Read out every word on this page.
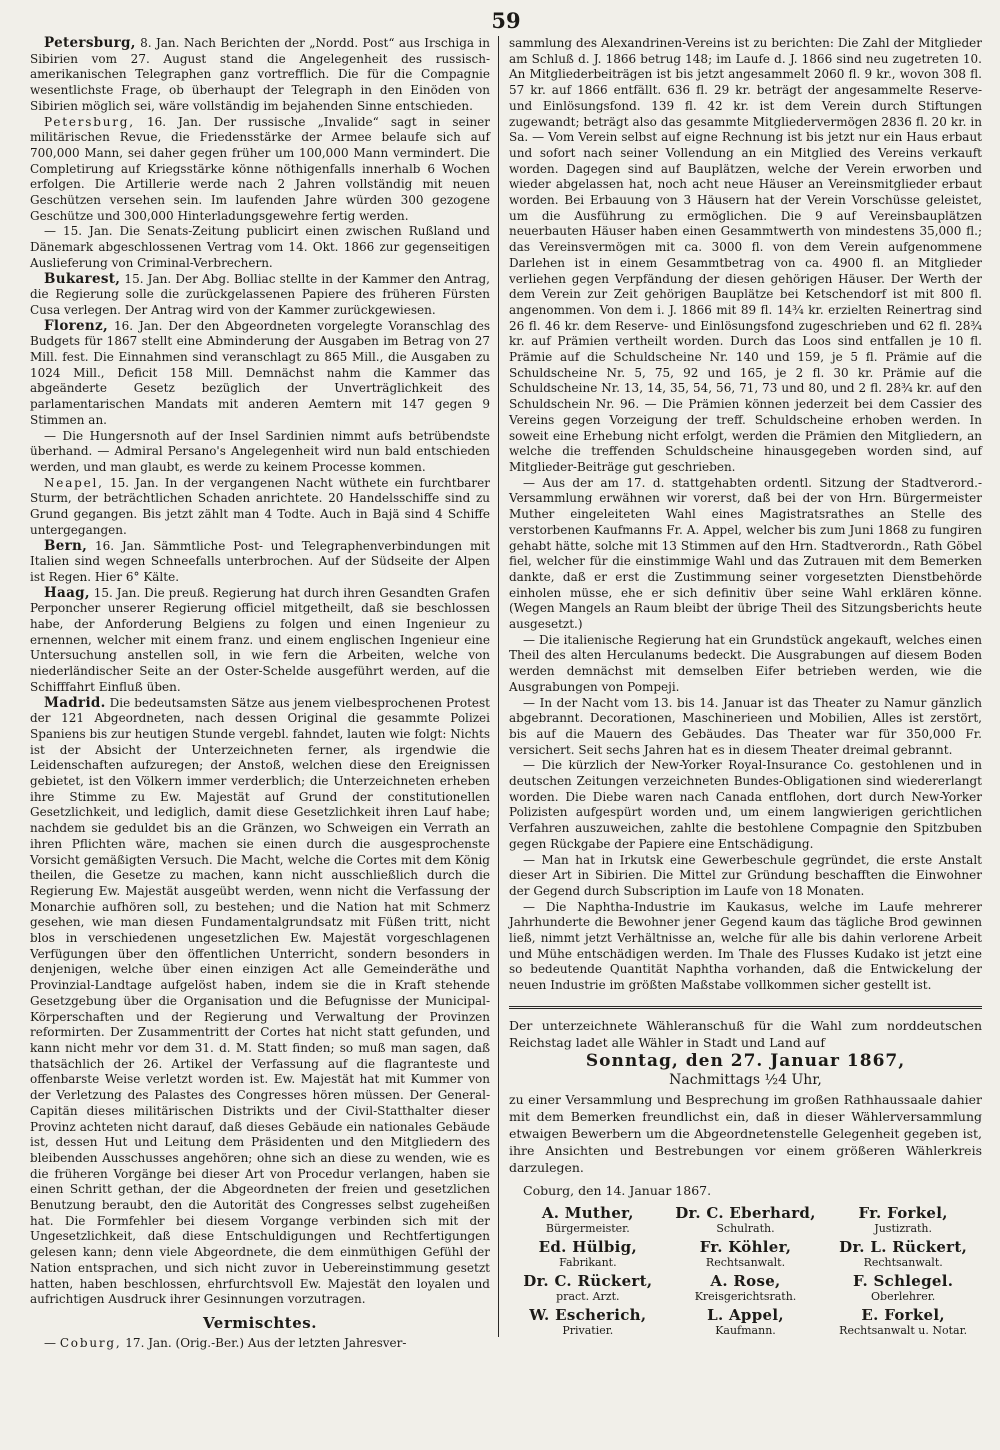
59

Petersburg, 8. Jan. Nach Berichten der „Nordd. Post“ aus Irschiga in Sibirien vom 27. August stand die Angelegenheit des russisch-amerikanischen Telegraphen ganz vortrefflich. Die für die Compagnie wesentlichste Frage, ob überhaupt der Telegraph in den Einöden von Sibirien möglich sei, wäre vollständig im bejahenden Sinne entschieden.

Petersburg, 16. Jan. Der russische „Invalide“ sagt in seiner militärischen Revue, die Friedensstärke der Armee belaufe sich auf 700,000 Mann, sei daher gegen früher um 100,000 Mann vermindert. Die Completirung auf Kriegsstärke könne nöthigenfalls innerhalb 6 Wochen erfolgen. Die Artillerie werde nach 2 Jahren vollständig mit neuen Geschützen versehen sein. Im laufenden Jahre würden 300 gezogene Geschütze und 300,000 Hinterladungsgewehre fertig werden.

— 15. Jan. Die Senats-Zeitung publicirt einen zwischen Rußland und Dänemark abgeschlossenen Vertrag vom 14. Okt. 1866 zur gegenseitigen Auslieferung von Criminal-Verbrechern.

Bukarest, 15. Jan. Der Abg. Bolliac stellte in der Kammer den Antrag, die Regierung solle die zurückgelassenen Papiere des früheren Fürsten Cusa verlegen. Der Antrag wird von der Kammer zurückgewiesen.

Florenz, 16. Jan. Der den Abgeordneten vorgelegte Voranschlag des Budgets für 1867 stellt eine Abminderung der Ausgaben im Betrag von 27 Mill. fest. Die Einnahmen sind veranschlagt zu 865 Mill., die Ausgaben zu 1024 Mill., Deficit 158 Mill. Demnächst nahm die Kammer das abgeänderte Gesetz bezüglich der Unverträglichkeit des parlamentarischen Mandats mit anderen Aemtern mit 147 gegen 9 Stimmen an.

— Die Hungersnoth auf der Insel Sardinien nimmt aufs betrübendste überhand. — Admiral Persano's Angelegenheit wird nun bald entschieden werden, und man glaubt, es werde zu keinem Processe kommen.

Neapel, 15. Jan. In der vergangenen Nacht wüthete ein furchtbarer Sturm, der beträchtlichen Schaden anrichtete. 20 Handelsschiffe sind zu Grund gegangen. Bis jetzt zählt man 4 Todte. Auch in Bajä sind 4 Schiffe untergegangen.

Bern, 16. Jan. Sämmtliche Post- und Telegraphenverbindungen mit Italien sind wegen Schneefalls unterbrochen. Auf der Südseite der Alpen ist Regen. Hier 6° Kälte.

Haag, 15. Jan. Die preuß. Regierung hat durch ihren Gesandten Grafen Perponcher unserer Regierung officiel mitgetheilt, daß sie beschlossen habe, der Anforderung Belgiens zu folgen und einen Ingenieur zu ernennen, welcher mit einem franz. und einem englischen Ingenieur eine Untersuchung anstellen soll, in wie fern die Arbeiten, welche von niederländischer Seite an der Oster-Schelde ausgeführt werden, auf die Schifffahrt Einfluß üben.

Madrid. Die bedeutsamsten Sätze aus jenem vielbesprochenen Protest der 121 Abgeordneten, nach dessen Original die gesammte Polizei Spaniens bis zur heutigen Stunde vergebl. fahndet, lauten wie folgt: Nichts ist der Absicht der Unterzeichneten ferner, als irgendwie die Leidenschaften aufzuregen; der Anstoß, welchen diese den Ereignissen gebietet, ist den Völkern immer verderblich; die Unterzeichneten erheben ihre Stimme zu Ew. Majestät auf Grund der constitutionellen Gesetzlichkeit, und lediglich, damit diese Gesetzlichkeit ihren Lauf habe; nachdem sie geduldet bis an die Gränzen, wo Schweigen ein Verrath an ihren Pflichten wäre, machen sie einen durch die ausgesprochenste Vorsicht gemäßigten Versuch. Die Macht, welche die Cortes mit dem König theilen, die Gesetze zu machen, kann nicht ausschließlich durch die Regierung Ew. Majestät ausgeübt werden, wenn nicht die Verfassung der Monarchie aufhören soll, zu bestehen; und die Nation hat mit Schmerz gesehen, wie man diesen Fundamentalgrundsatz mit Füßen tritt, nicht blos in verschiedenen ungesetzlichen Ew. Majestät vorgeschlagenen Verfügungen über den öffentlichen Unterricht, sondern besonders in denjenigen, welche über einen einzigen Act alle Gemeinderäthe und Provinzial-Landtage aufgelöst haben, indem sie die in Kraft stehende Gesetzgebung über die Organisation und die Befugnisse der Municipal-Körperschaften und der Regierung und Verwaltung der Provinzen reformirten. Der Zusammentritt der Cortes hat nicht statt gefunden, und kann nicht mehr vor dem 31. d. M. Statt finden; so muß man sagen, daß thatsächlich der 26. Artikel der Verfassung auf die flagranteste und offenbarste Weise verletzt worden ist. Ew. Majestät hat mit Kummer von der Verletzung des Palastes des Congresses hören müssen. Der General-Capitän dieses militärischen Distrikts und der Civil-Statthalter dieser Provinz achteten nicht darauf, daß dieses Gebäude ein nationales Gebäude ist, dessen Hut und Leitung dem Präsidenten und den Mitgliedern des bleibenden Ausschusses angehören; ohne sich an diese zu wenden, wie es die früheren Vorgänge bei dieser Art von Procedur verlangen, haben sie einen Schritt gethan, der die Abgeordneten der freien und gesetzlichen Benutzung beraubt, den die Autorität des Congresses selbst zugeheißen hat. Die Formfehler bei diesem Vorgange verbinden sich mit der Ungesetzlichkeit, daß diese Entschuldigungen und Rechtfertigungen gelesen kann; denn viele Abgeordnete, die dem einmüthigen Gefühl der Nation entsprachen, und sich nicht zuvor in Uebereinstimmung gesetzt hatten, haben beschlossen, ehrfurchtsvoll Ew. Majestät den loyalen und aufrichtigen Ausdruck ihrer Gesinnungen vorzutragen.

Vermischtes.

— Coburg, 17. Jan. (Orig.-Ber.) Aus der letzten Jahresver-

sammlung des Alexandrinen-Vereins ist zu berichten: Die Zahl der Mitglieder am Schluß d. J. 1866 betrug 148; im Laufe d. J. 1866 sind neu zugetreten 10. An Mitgliederbeiträgen ist bis jetzt angesammelt 2060 fl. 9 kr., wovon 308 fl. 57 kr. auf 1866 entfällt. 636 fl. 29 kr. beträgt der angesammelte Reserve- und Einlösungsfond. 139 fl. 42 kr. ist dem Verein durch Stiftungen zugewandt; beträgt also das gesammte Mitgliedervermögen 2836 fl. 20 kr. in Sa. — Vom Verein selbst auf eigne Rechnung ist bis jetzt nur ein Haus erbaut und sofort nach seiner Vollendung an ein Mitglied des Vereins verkauft worden. Dagegen sind auf Bauplätzen, welche der Verein erworben und wieder abgelassen hat, noch acht neue Häuser an Vereinsmitglieder erbaut worden. Bei Erbauung von 3 Häusern hat der Verein Vorschüsse geleistet, um die Ausführung zu ermöglichen. Die 9 auf Vereinsbauplätzen neuerbauten Häuser haben einen Gesammtwerth von mindestens 35,000 fl.; das Vereinsvermögen mit ca. 3000 fl. von dem Verein aufgenommene Darlehen ist in einem Gesammtbetrag von ca. 4900 fl. an Mitglieder verliehen gegen Verpfändung der diesen gehörigen Häuser. Der Werth der dem Verein zur Zeit gehörigen Bauplätze bei Ketschendorf ist mit 800 fl. angenommen. Von dem i. J. 1866 mit 89 fl. 14¾ kr. erzielten Reinertrag sind 26 fl. 46 kr. dem Reserve- und Einlösungsfond zugeschrieben und 62 fl. 28¾ kr. auf Prämien vertheilt worden. Durch das Loos sind entfallen je 10 fl. Prämie auf die Schuldscheine Nr. 140 und 159, je 5 fl. Prämie auf die Schuldscheine Nr. 5, 75, 92 und 165, je 2 fl. 30 kr. Prämie auf die Schuldscheine Nr. 13, 14, 35, 54, 56, 71, 73 und 80, und 2 fl. 28¾ kr. auf den Schuldschein Nr. 96. — Die Prämien können jederzeit bei dem Cassier des Vereins gegen Vorzeigung der treff. Schuldscheine erhoben werden. In soweit eine Erhebung nicht erfolgt, werden die Prämien den Mitgliedern, an welche die treffenden Schuldscheine hinausgegeben worden sind, auf Mitglieder-Beiträge gut geschrieben.

— Aus der am 17. d. stattgehabten ordentl. Sitzung der Stadtverord.-Versammlung erwähnen wir vorerst, daß bei der von Hrn. Bürgermeister Muther eingeleiteten Wahl eines Magistratsrathes an Stelle des verstorbenen Kaufmanns Fr. A. Appel, welcher bis zum Juni 1868 zu fungiren gehabt hätte, solche mit 13 Stimmen auf den Hrn. Stadtverordn., Rath Göbel fiel, welcher für die einstimmige Wahl und das Zutrauen mit dem Bemerken dankte, daß er erst die Zustimmung seiner vorgesetzten Dienstbehörde einholen müsse, ehe er sich definitiv über seine Wahl erklären könne. (Wegen Mangels an Raum bleibt der übrige Theil des Sitzungsberichts heute ausgesetzt.)

— Die italienische Regierung hat ein Grundstück angekauft, welches einen Theil des alten Herculanums bedeckt. Die Ausgrabungen auf diesem Boden werden demnächst mit demselben Eifer betrieben werden, wie die Ausgrabungen von Pompeji.

— In der Nacht vom 13. bis 14. Januar ist das Theater zu Namur gänzlich abgebrannt. Decorationen, Maschinerieen und Mobilien, Alles ist zerstört, bis auf die Mauern des Gebäudes. Das Theater war für 350,000 Fr. versichert. Seit sechs Jahren hat es in diesem Theater dreimal gebrannt.

— Die kürzlich der New-Yorker Royal-Insurance Co. gestohlenen und in deutschen Zeitungen verzeichneten Bundes-Obligationen sind wiedererlangt worden. Die Diebe waren nach Canada entflohen, dort durch New-Yorker Polizisten aufgespürt worden und, um einem langwierigen gerichtlichen Verfahren auszuweichen, zahlte die bestohlene Compagnie den Spitzbuben gegen Rückgabe der Papiere eine Entschädigung.

— Man hat in Irkutsk eine Gewerbeschule gegründet, die erste Anstalt dieser Art in Sibirien. Die Mittel zur Gründung beschafften die Einwohner der Gegend durch Subscription im Laufe von 18 Monaten.

— Die Naphtha-Industrie im Kaukasus, welche im Laufe mehrerer Jahrhunderte die Bewohner jener Gegend kaum das tägliche Brod gewinnen ließ, nimmt jetzt Verhältnisse an, welche für alle bis dahin verlorene Arbeit und Mühe entschädigen werden. Im Thale des Flusses Kudako ist jetzt eine so bedeutende Quantität Naphtha vorhanden, daß die Entwickelung der neuen Industrie im größten Maßstabe vollkommen sicher gestellt ist.

Der unterzeichnete Wähleranschuß für die Wahl zum norddeutschen Reichstag ladet alle Wähler in Stadt und Land auf
Sonntag, den 27. Januar 1867,
Nachmittags ½4 Uhr,
zu einer Versammlung und Besprechung im großen Rathhaussaale dahier mit dem Bemerken freundlichst ein, daß in dieser Wählerversammlung etwaigen Bewerbern um die Abgeordnetenstelle Gelegenheit gegeben ist, ihre Ansichten und Bestrebungen vor einem größeren Wählerkreis darzulegen.
Coburg, den 14. Januar 1867.
A. Muther,
Bürgermeister.
Dr. C. Eberhard,
Schulrath.
Fr. Forkel,
Justizrath.
Ed. Hülbig,
Fabrikant.
Fr. Köhler,
Rechtsanwalt.
Dr. L. Rückert,
Rechtsanwalt.
Dr. C. Rückert,
pract. Arzt.
A. Rose,
Kreisgerichtsrath.
F. Schlegel.
Oberlehrer.
W. Escherich,
Privatier.
L. Appel,
Kaufmann.
E. Forkel,
Rechtsanwalt u. Notar.
